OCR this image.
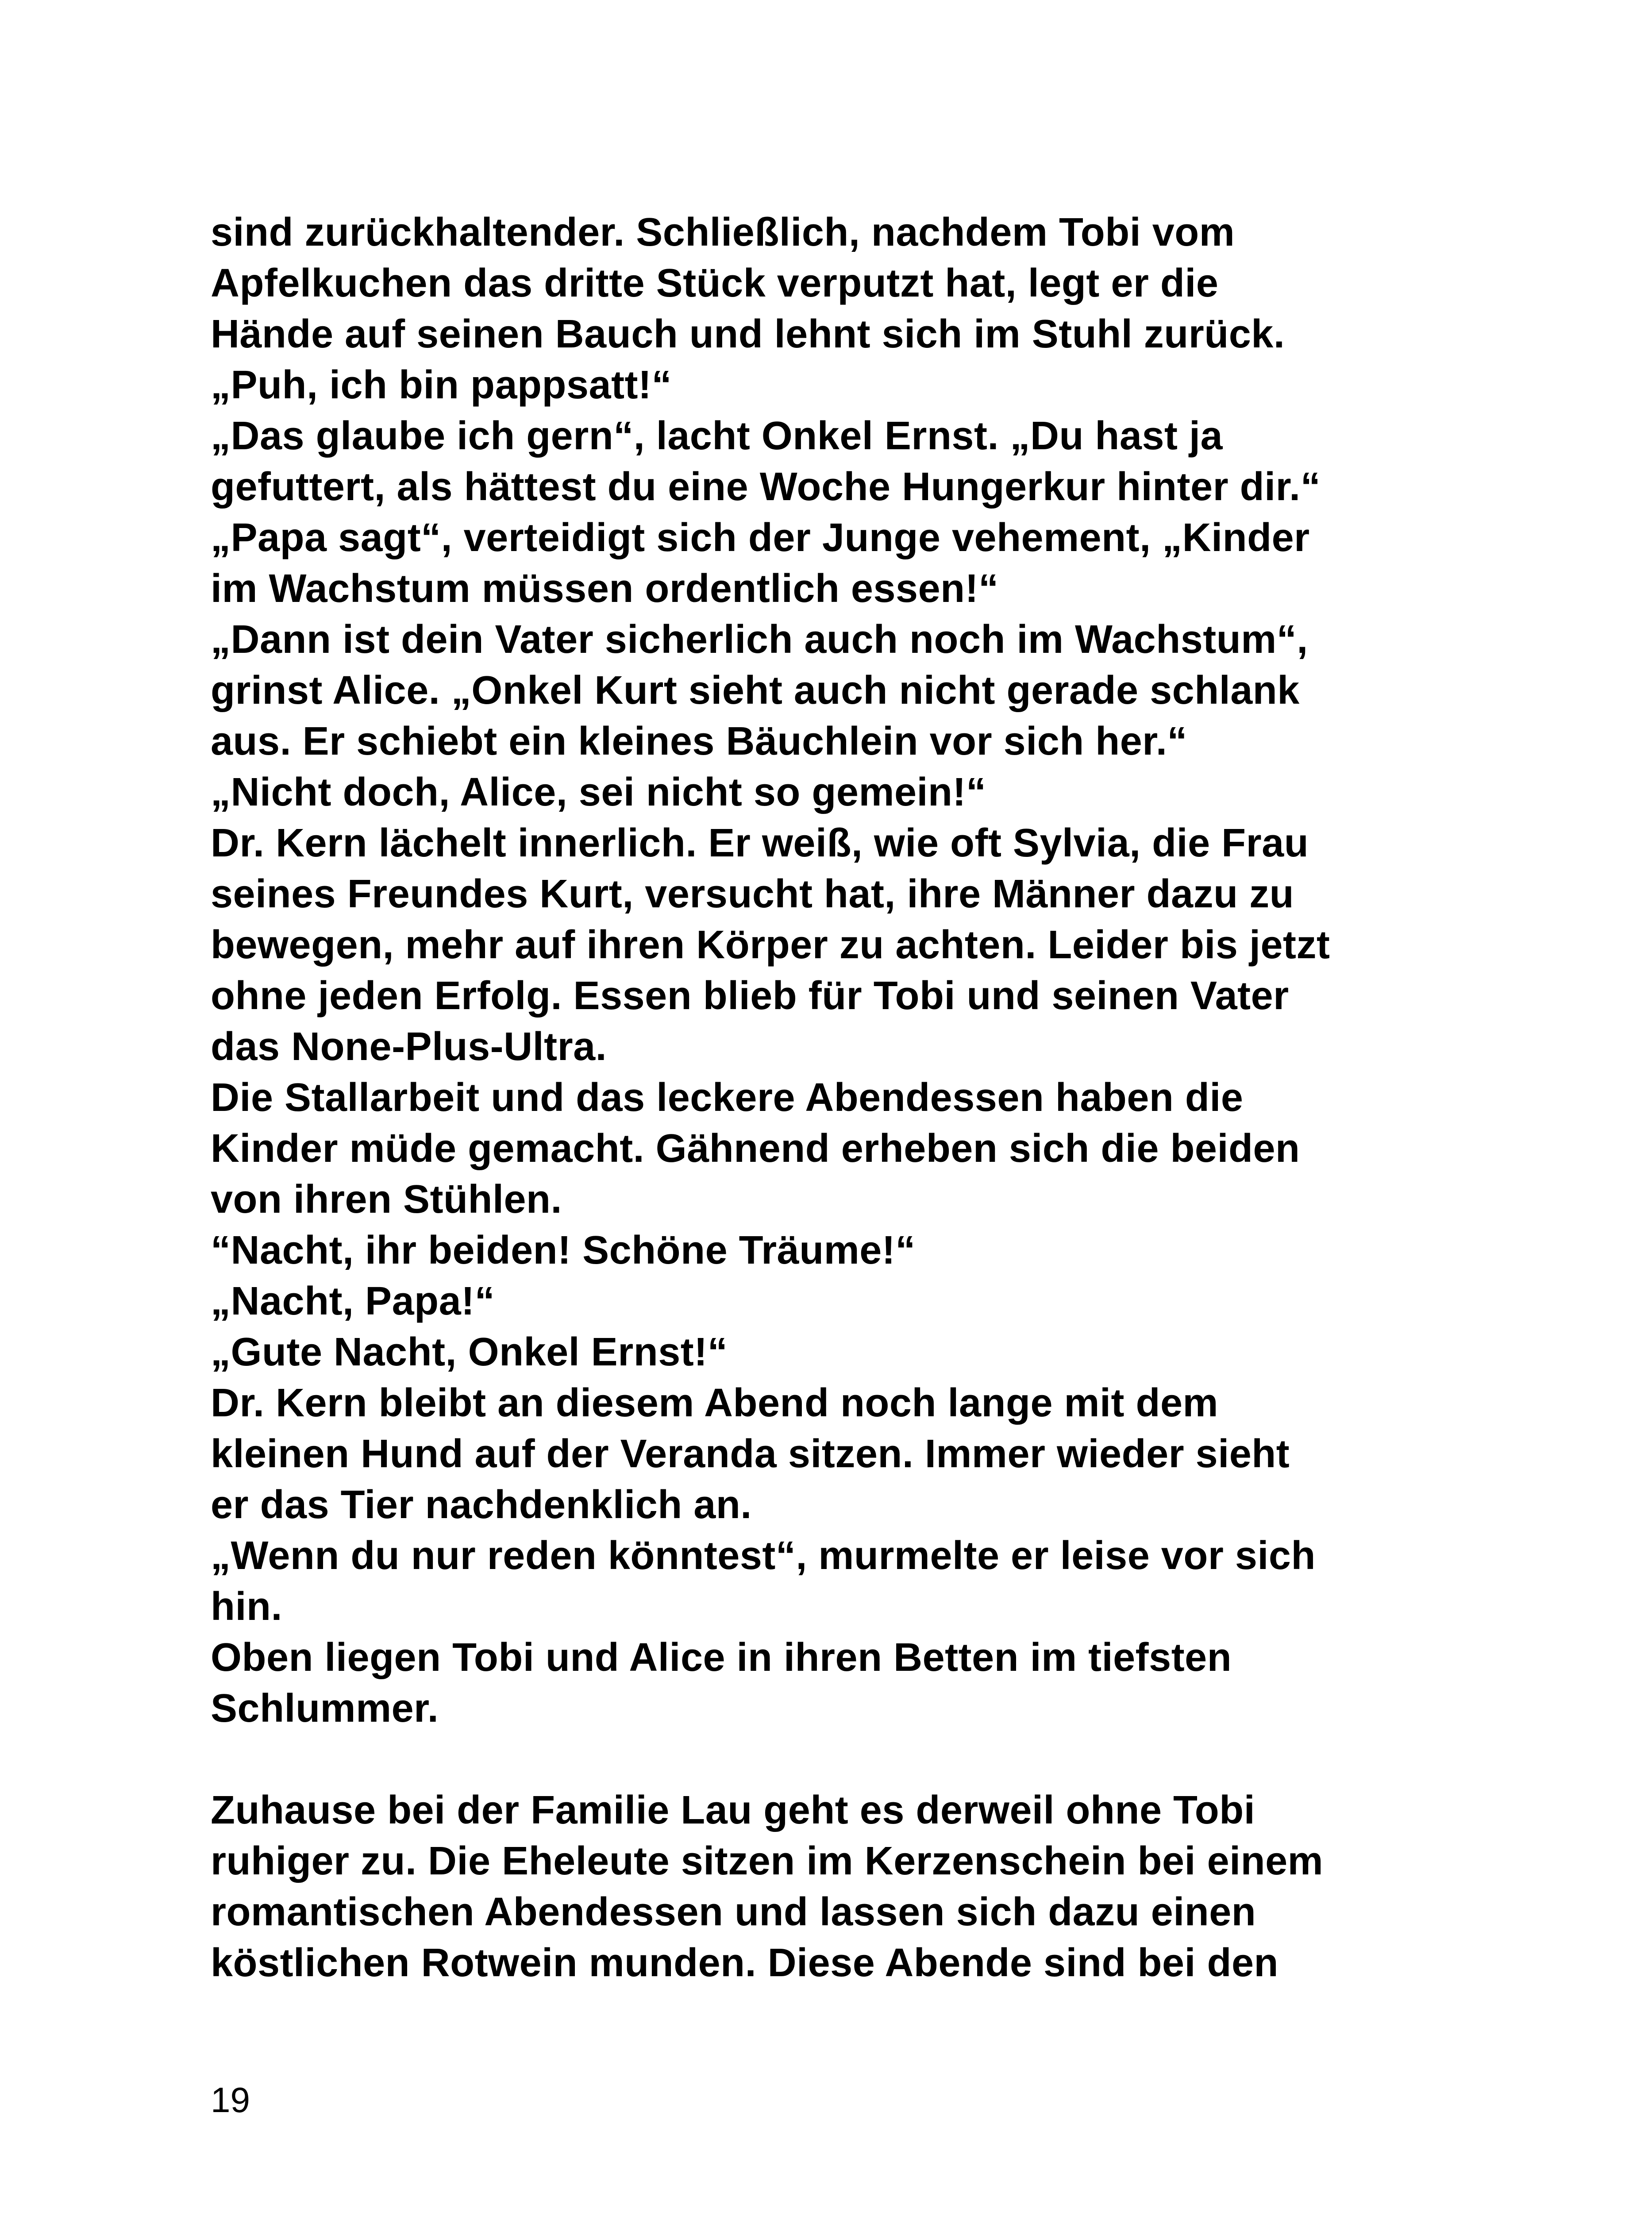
sind zurückhaltender. Schließlich, nachdem Tobi vom
Apfelkuchen das dritte Stück verputzt hat, legt er die
Hände auf seinen Bauch und lehnt sich im Stuhl zurück.
„Puh, ich bin pappsatt!“
„Das glaube ich gern“, lacht Onkel Ernst. „Du hast ja
gefuttert, als hättest du eine Woche Hungerkur hinter dir.“
„Papa sagt“, verteidigt sich der Junge vehement, „Kinder
im Wachstum müssen ordentlich essen!“
„Dann ist dein Vater sicherlich auch noch im Wachstum“,
grinst Alice. „Onkel Kurt sieht auch nicht gerade schlank
aus. Er schiebt ein kleines Bäuchlein vor sich her.“
„Nicht doch, Alice, sei nicht so gemein!“
Dr. Kern lächelt innerlich. Er weiß, wie oft Sylvia, die Frau
seines Freundes Kurt, versucht hat, ihre Männer dazu zu
bewegen, mehr auf ihren Körper zu achten. Leider bis jetzt
ohne jeden Erfolg. Essen blieb für Tobi und seinen Vater
das None-Plus-Ultra.
Die Stallarbeit und das leckere Abendessen haben die
Kinder müde gemacht. Gähnend erheben sich die beiden
von ihren Stühlen.
“Nacht, ihr beiden! Schöne Träume!“
„Nacht, Papa!“
„Gute Nacht, Onkel Ernst!“
Dr. Kern bleibt an diesem Abend noch lange mit dem
kleinen Hund auf der Veranda sitzen. Immer wieder sieht
er das Tier nachdenklich an.
„Wenn du nur reden könntest“, murmelte er leise vor sich
hin.
Oben liegen Tobi und Alice in ihren Betten im tiefsten
Schlummer.
Zuhause bei der Familie Lau geht es derweil ohne Tobi
ruhiger zu. Die Eheleute sitzen im Kerzenschein bei einem
romantischen Abendessen und lassen sich dazu einen
köstlichen Rotwein munden. Diese Abende sind bei den
19
